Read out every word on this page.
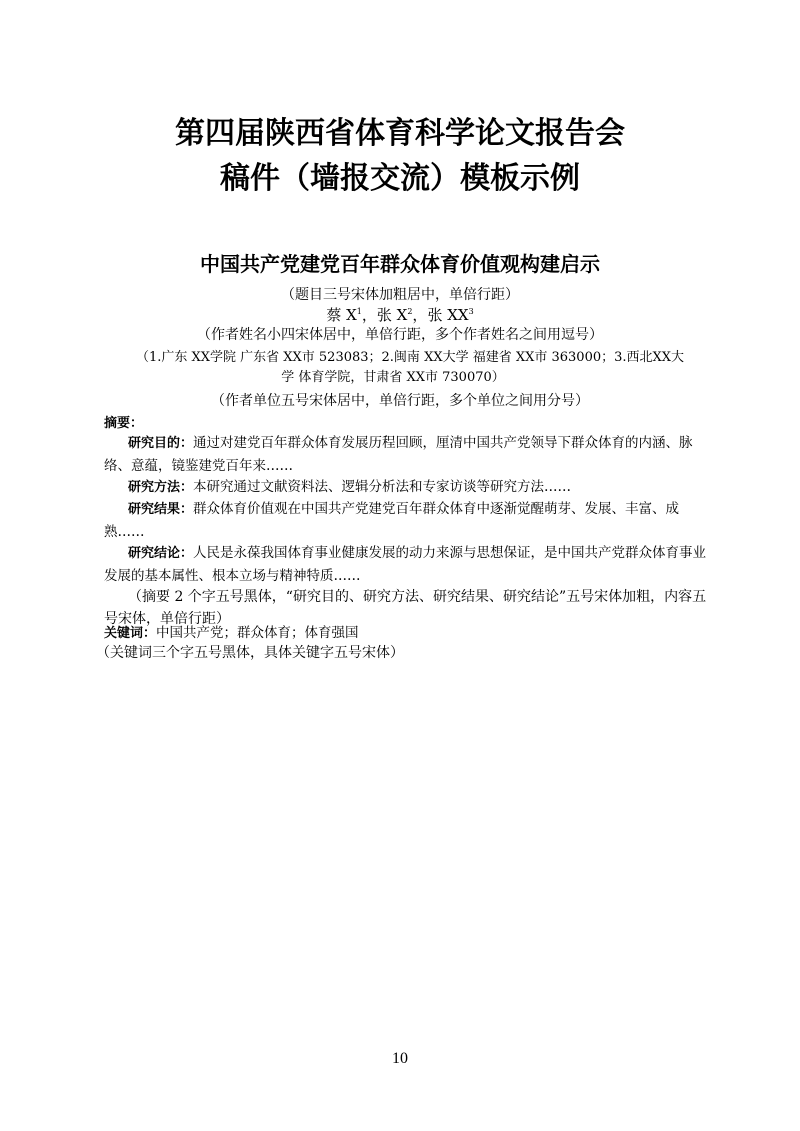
第四届陕西省体育科学论文报告会
稿件（墙报交流）模板示例
中国共产党建党百年群众体育价值观构建启示
（题目三号宋体加粗居中，单倍行距）
蔡 $X^1$，张 $X^2$，张 $XX^3$
（作者姓名小四宋体居中，单倍行距，多个作者姓名之间用逗号）
（1.广东 XX学院 广东省 XX市 523083；2.闽南 XX大学 福建省 XX市 363000；3.西北XX大
学 体育学院，甘肃省 XX市 730070）
（作者单位五号宋体居中，单倍行距，多个单位之间用分号）
摘要：
研究目的：通过对建党百年群众体育发展历程回顾，厘清中国共产党领导下群众体育的内涵、脉络、意蕴，镜鉴建党百年来……
研究方法：本研究通过文献资料法、逻辑分析法和专家访谈等研究方法……
研究结果：群众体育价值观在中国共产党建党百年群众体育中逐渐觉醒萌芽、发展、丰富、成熟……
研究结论：人民是永葆我国体育事业健康发展的动力来源与思想保证，是中国共产党群众体育事业发展的基本属性、根本立场与精神特质……
（摘要 2 个字五号黑体，“研究目的、研究方法、研究结果、研究结论”五号宋体加粗，内容五号宋体，单倍行距）
关键词：中国共产党；群众体育；体育强国
（关键词三个字五号黑体，具体关键字五号宋体）
10
